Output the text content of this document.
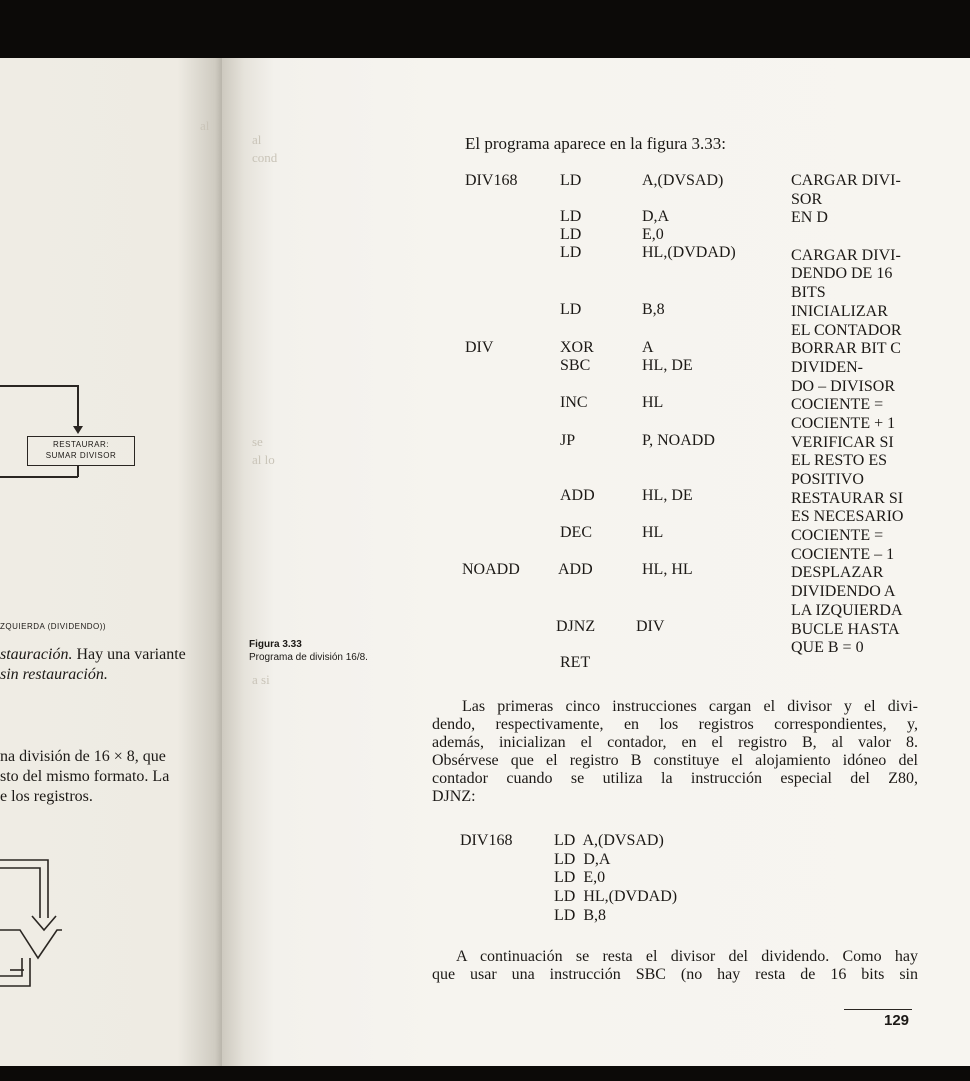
RESTAURAR:
SUMAR DIVISOR
ZQUIERDA (DIVIDENDO))
staurac​ión. Hay una variante
sin restauración.
na división de 16 × 8, que
sto del mismo formato. La
e los registros.
al
al
cond
se
al lo
a si
Figura 3.33
Programa de división 16/8.
El programa aparece en la figura 3.33:
DIV168
DIV
NOADD
LD
LD
LD
LD
LD
XOR
SBC
INC
JP
ADD
DEC
ADD
DJNZ
RET
A,(DVSAD)
D,A
E,0
HL,(DVDAD)
B,8
A
HL, DE
HL
P, NOADD
HL, DE
HL
HL, HL
DIV
CARGAR DIVI-
SOR
EN D
CARGAR DIVI-
DENDO DE 16
BITS
INICIALIZAR
EL CONTADOR
BORRAR BIT C
DIVIDEN-
DO – DIVISOR
COCIENTE =
COCIENTE + 1
VERIFICAR SI
EL RESTO ES
POSITIVO
RESTAURAR SI
ES NECESARIO
COCIENTE =
COCIENTE – 1
DESPLAZAR
DIVIDENDO A
LA IZQUIERDA
BUCLE HASTA
QUE B = 0
Las primeras cinco instrucciones cargan el divisor y el divi-
dendo, respectivamente, en los registros correspondientes, y,
además, inicializan el contador, en el registro B, al valor 8.
Obsérvese que el registro B constituye el alojamiento idóneo del
contador cuando se utiliza la instrucción especial del Z80,
DJNZ:
DIV168	LD  A,(DVSAD)
LD  D,A
LD  E,0
LD  HL,(DVDAD)
LD  B,8
A continuación se resta el divisor del dividendo. Como hay
que usar una instrucción SBC (no hay resta de 16 bits sin
129
